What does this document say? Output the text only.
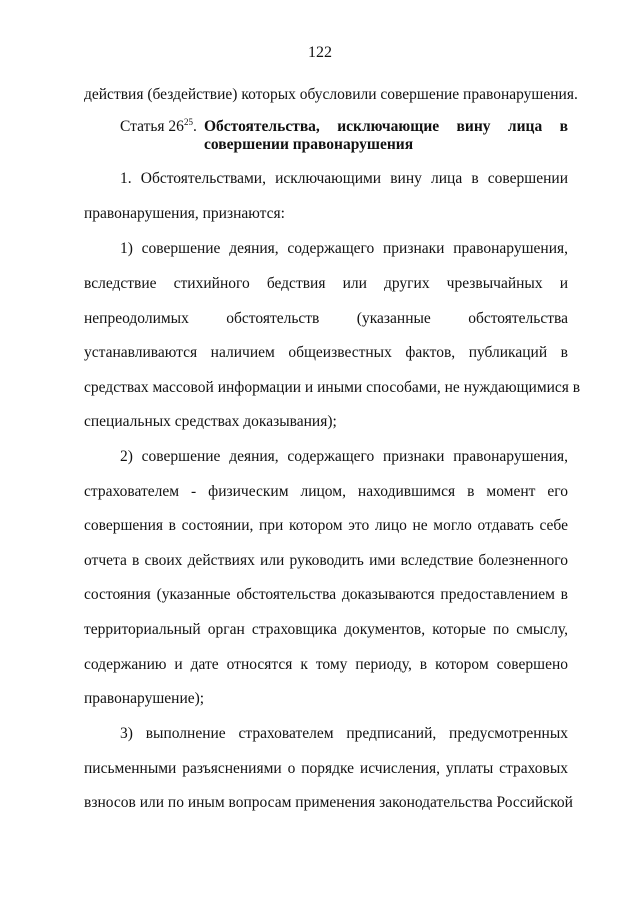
122
действия (бездействие) которых обусловили совершение правонарушения.
Статья $26^{25}$. Обстоятельства, исключающие вину лица в
совершении правонарушения
1. Обстоятельствами, исключающими вину лица в совершении
правонарушения, признаются:
1) совершение деяния, содержащего признаки правонарушения,
вследствие стихийного бедствия или других чрезвычайных и
непреодолимых обстоятельств (указанные обстоятельства
устанавливаются наличием общеизвестных фактов, публикаций в
средствах массовой информации и иными способами, не нуждающимися в
специальных средствах доказывания);
2) совершение деяния, содержащего признаки правонарушения,
страхователем - физическим лицом, находившимся в момент его
совершения в состоянии, при котором это лицо не могло отдавать себе
отчета в своих действиях или руководить ими вследствие болезненного
состояния (указанные обстоятельства доказываются предоставлением в
территориальный орган страховщика документов, которые по смыслу,
содержанию и дате относятся к тому периоду, в котором совершено
правонарушение);
3) выполнение страхователем предписаний, предусмотренных
письменными разъяснениями о порядке исчисления, уплаты страховых
взносов или по иным вопросам применения законодательства Российской
